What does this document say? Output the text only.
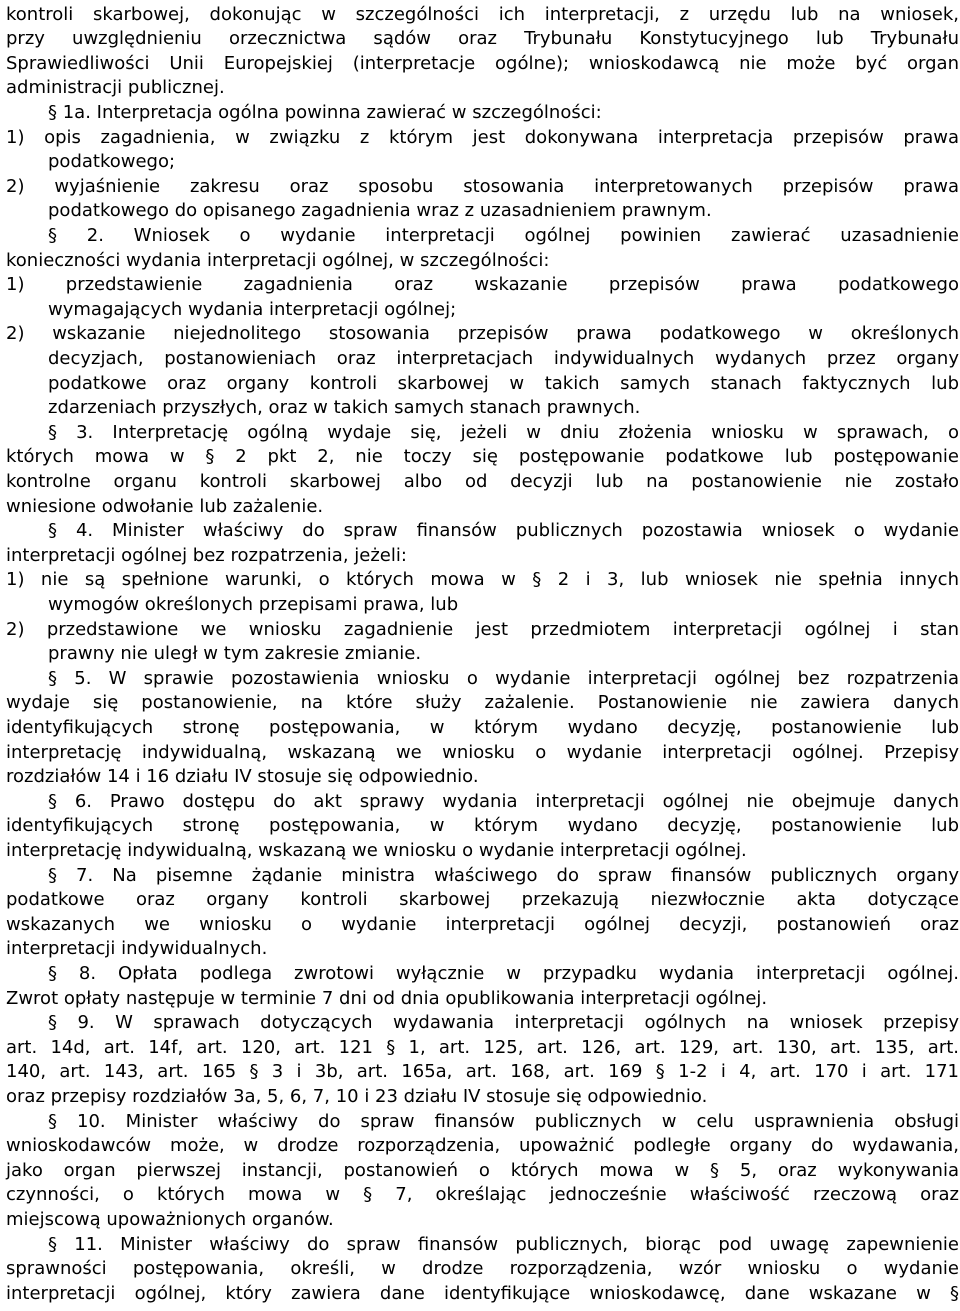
kontroli skarbowej, dokonując w szczególności ich interpretacji, z urzędu lub na wniosek,
przy uwzględnieniu orzecznictwa sądów oraz Trybunału Konstytucyjnego lub Trybunału
Sprawiedliwości Unii Europejskiej (interpretacje ogólne); wnioskodawcą nie może być organ
administracji publicznej.
§ 1a. Interpretacja ogólna powinna zawierać w szczególności:
1) opis zagadnienia, w związku z którym jest dokonywana interpretacja przepisów prawa
podatkowego;
2) wyjaśnienie zakresu oraz sposobu stosowania interpretowanych przepisów prawa
podatkowego do opisanego zagadnienia wraz z uzasadnieniem prawnym.
§ 2. Wniosek o wydanie interpretacji ogólnej powinien zawierać uzasadnienie
konieczności wydania interpretacji ogólnej, w szczególności:
1) przedstawienie zagadnienia oraz wskazanie przepisów prawa podatkowego
wymagających wydania interpretacji ogólnej;
2) wskazanie niejednolitego stosowania przepisów prawa podatkowego w określonych
decyzjach, postanowieniach oraz interpretacjach indywidualnych wydanych przez organy
podatkowe oraz organy kontroli skarbowej w takich samych stanach faktycznych lub
zdarzeniach przyszłych, oraz w takich samych stanach prawnych.
§ 3. Interpretację ogólną wydaje się, jeżeli w dniu złożenia wniosku w sprawach, o
których mowa w § 2 pkt 2, nie toczy się postępowanie podatkowe lub postępowanie
kontrolne organu kontroli skarbowej albo od decyzji lub na postanowienie nie zostało
wniesione odwołanie lub zażalenie.
§ 4. Minister właściwy do spraw finansów publicznych pozostawia wniosek o wydanie
interpretacji ogólnej bez rozpatrzenia, jeżeli:
1) nie są spełnione warunki, o których mowa w § 2 i 3, lub wniosek nie spełnia innych
wymogów określonych przepisami prawa, lub
2) przedstawione we wniosku zagadnienie jest przedmiotem interpretacji ogólnej i stan
prawny nie uległ w tym zakresie zmianie.
§ 5. W sprawie pozostawienia wniosku o wydanie interpretacji ogólnej bez rozpatrzenia
wydaje się postanowienie, na które służy zażalenie. Postanowienie nie zawiera danych
identyfikujących stronę postępowania, w którym wydano decyzję, postanowienie lub
interpretację indywidualną, wskazaną we wniosku o wydanie interpretacji ogólnej. Przepisy
rozdziałów 14 i 16 działu IV stosuje się odpowiednio.
§ 6. Prawo dostępu do akt sprawy wydania interpretacji ogólnej nie obejmuje danych
identyfikujących stronę postępowania, w którym wydano decyzję, postanowienie lub
interpretację indywidualną, wskazaną we wniosku o wydanie interpretacji ogólnej.
§ 7. Na pisemne żądanie ministra właściwego do spraw finansów publicznych organy
podatkowe oraz organy kontroli skarbowej przekazują niezwłocznie akta dotyczące
wskazanych we wniosku o wydanie interpretacji ogólnej decyzji, postanowień oraz
interpretacji indywidualnych.
§ 8. Opłata podlega zwrotowi wyłącznie w przypadku wydania interpretacji ogólnej.
Zwrot opłaty następuje w terminie 7 dni od dnia opublikowania interpretacji ogólnej.
§ 9. W sprawach dotyczących wydawania interpretacji ogólnych na wniosek przepisy
art. 14d, art. 14f, art. 120, art. 121 § 1, art. 125, art. 126, art. 129, art. 130, art. 135, art.
140, art. 143, art. 165 § 3 i 3b, art. 165a, art. 168, art. 169 § 1-2 i 4, art. 170 i art. 171
oraz przepisy rozdziałów 3a, 5, 6, 7, 10 i 23 działu IV stosuje się odpowiednio.
§ 10. Minister właściwy do spraw finansów publicznych w celu usprawnienia obsługi
wnioskodawców może, w drodze rozporządzenia, upoważnić podległe organy do wydawania,
jako organ pierwszej instancji, postanowień o których mowa w § 5, oraz wykonywania
czynności, o których mowa w § 7, określając jednocześnie właściwość rzeczową oraz
miejscową upoważnionych organów.
§ 11. Minister właściwy do spraw finansów publicznych, biorąc pod uwagę zapewnienie
sprawności postępowania, określi, w drodze rozporządzenia, wzór wniosku o wydanie
interpretacji ogólnej, który zawiera dane identyfikujące wnioskodawcę, dane wskazane w §
